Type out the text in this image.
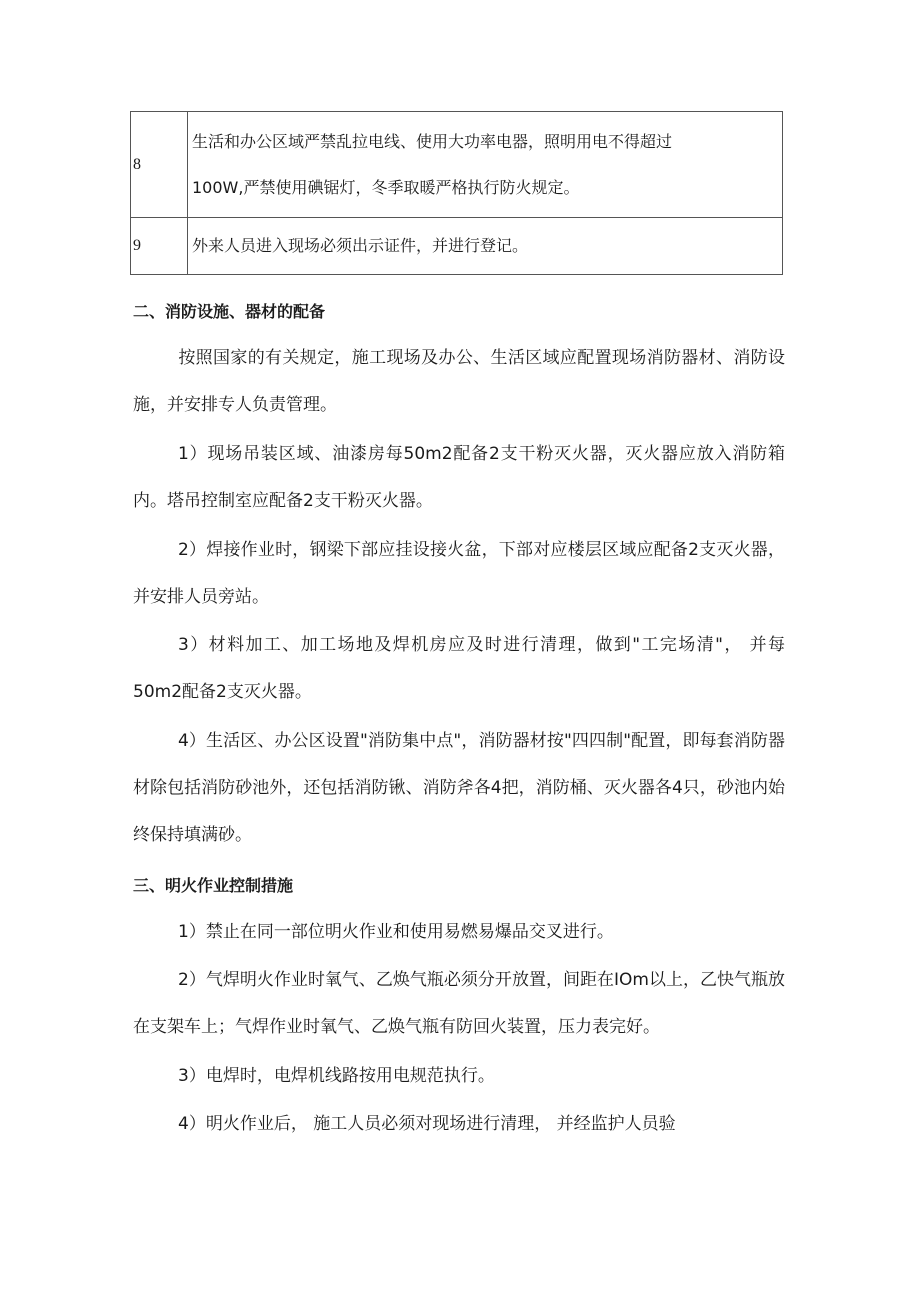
8	生活和办公区域严禁乱拉电线、使用大功率电器，照明用电不得超过
100W,严禁使用碘锯灯，冬季取暖严格执行防火规定。

9	外来人员进入现场必须出示证件，并进行登记。
二、消防设施、器材的配备

按照国家的有关规定，施工现场及办公、生活区域应配置现场消防器材、消防设施，并安排专人负责管理。

1）现场吊装区域、油漆房每50m2配备2支干粉灭火器，灭火器应放入消防箱内。塔吊控制室应配备2支干粉灭火器。

2）焊接作业时，钢梁下部应挂设接火盆，下部对应楼层区域应配备2支灭火器，并安排人员旁站。

3）材料加工、加工场地及焊机房应及时进行清理，做到"工完场清"， 并每50m2配备2支灭火器。

4）生活区、办公区设置"消防集中点"，消防器材按"四四制"配置，即每套消防器材除包括消防砂池外，还包括消防锹、消防斧各4把，消防桶、灭火器各4只，砂池内始终保持填满砂。

三、明火作业控制措施

1）禁止在同一部位明火作业和使用易燃易爆品交叉进行。

2）气焊明火作业时氧气、乙焕气瓶必须分开放置，间距在IOm以上，乙快气瓶放在支架车上；气焊作业时氧气、乙焕气瓶有防回火装置，压力表完好。

3）电焊时，电焊机线路按用电规范执行。

4）明火作业后， 施工人员必须对现场进行清理， 并经监护人员验
